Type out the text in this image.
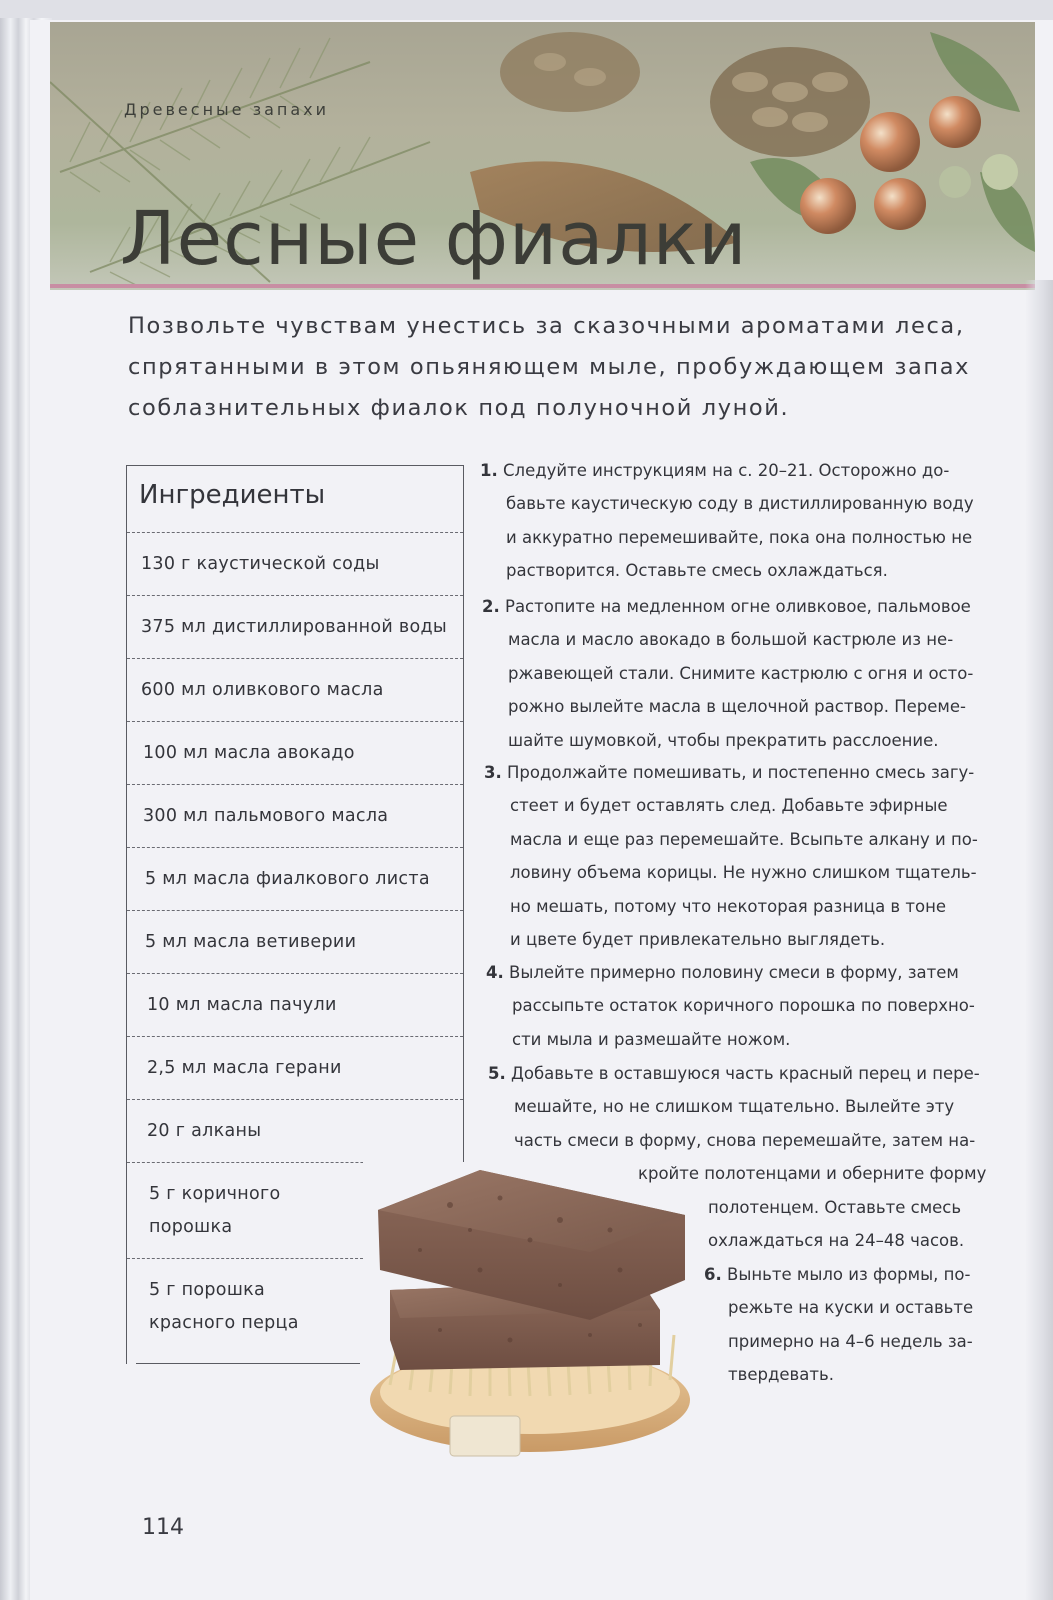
Древесные запахи
Лесные фиалки
Позвольте чувствам унестись за сказочными ароматами леса, спрятанными в этом опьяняющем мыле, пробуждающем запах соблазнительных фиалок под полуночной луной.
Ингредиенты
130 г каустической соды
375 мл дистиллированной воды
600 мл оливкового масла
100 мл масла авокадо
300 мл пальмового масла
5 мл масла фиалкового листа
5 мл масла ветиверии
10 мл масла пачули
2,5 мл масла герани
20 г алканы
5 г коричного
порошка
5 г порошка
красного перца
1. Следуйте инструкциям на с. 20–21. Осторожно до-
бавьте каустическую соду в дистиллированную воду
и аккуратно перемешивайте, пока она полностью не
растворится. Оставьте смесь охлаждаться.
2. Растопите на медленном огне оливковое, пальмовое
масла и масло авокадо в большой кастрюле из не-
ржавеющей стали. Снимите кастрюлю с огня и осто-
рожно вылейте масла в щелочной раствор. Переме-
шайте шумовкой, чтобы прекратить расслоение.
3. Продолжайте помешивать, и постепенно смесь загу-
стеет и будет оставлять след. Добавьте эфирные
масла и еще раз перемешайте. Всыпьте алкану и по-
ловину объема корицы. Не нужно слишком тщатель-
но мешать, потому что некоторая разница в тоне
и цвете будет привлекательно выглядеть.
4. Вылейте примерно половину смеси в форму, затем
рассыпьте остаток коричного порошка по поверхно-
сти мыла и размешайте ножом.
5. Добавьте в оставшуюся часть красный перец и пере-
мешайте, но не слишком тщательно. Вылейте эту
часть смеси в форму, снова перемешайте, затем на-
кройте полотенцами и оберните форму
полотенцем. Оставьте смесь
охлаждаться на 24–48 часов.
6. Выньте мыло из формы, по-
режьте на куски и оставьте
примерно на 4–6 недель за-
твердевать.
114
